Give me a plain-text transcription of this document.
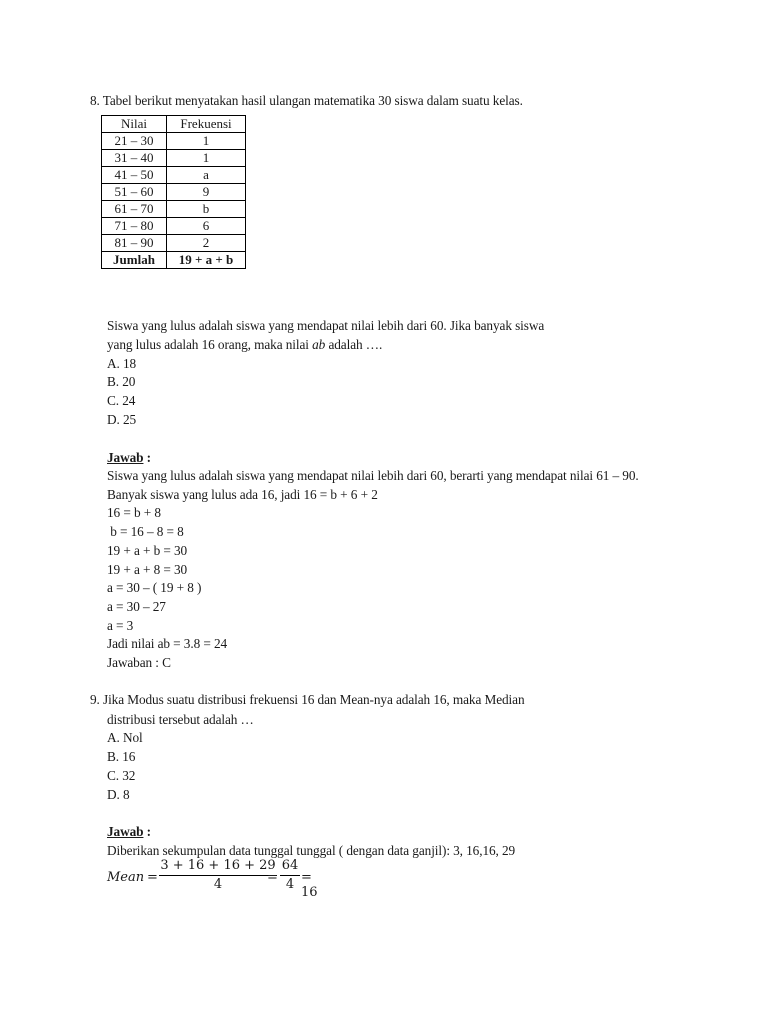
8. Tabel berikut menyatakan hasil ulangan matematika 30 siswa dalam suatu kelas.
Nilai	Frekuensi
21 – 30	1
31 – 40	1
41 – 50	a
51 – 60	9
61 – 70	b
71 – 80	6
81 – 90	2
Jumlah	19 + a + b
Siswa yang lulus adalah siswa yang mendapat nilai lebih dari 60. Jika banyak siswa
yang lulus adalah 16 orang, maka nilai ab adalah ….
A. 18
B. 20
C. 24
D. 25
Jawab :
Siswa yang lulus adalah siswa yang mendapat nilai lebih dari 60, berarti yang mendapat nilai 61 – 90.
Banyak siswa yang lulus ada 16, jadi 16 = b + 6 + 2
16 = b + 8
b = 16 – 8 = 8
19 + a + b = 30
19 + a + 8 = 30
a = 30 – ( 19 + 8 )
a = 30 – 27
a = 3
Jadi nilai ab = 3.8 = 24
Jawaban : C
9. Jika Modus suatu distribusi frekuensi 16 dan Mean-nya adalah 16, maka Median
distribusi tersebut adalah …
A. Nol
B. 16
C. 32
D. 8
Jawab :
Diberikan sekumpulan data tunggal tunggal ( dengan data ganjil): 3, 16,16, 29
Mean =
3 + 16 + 16 + 29
4	=
64
4 = 16
